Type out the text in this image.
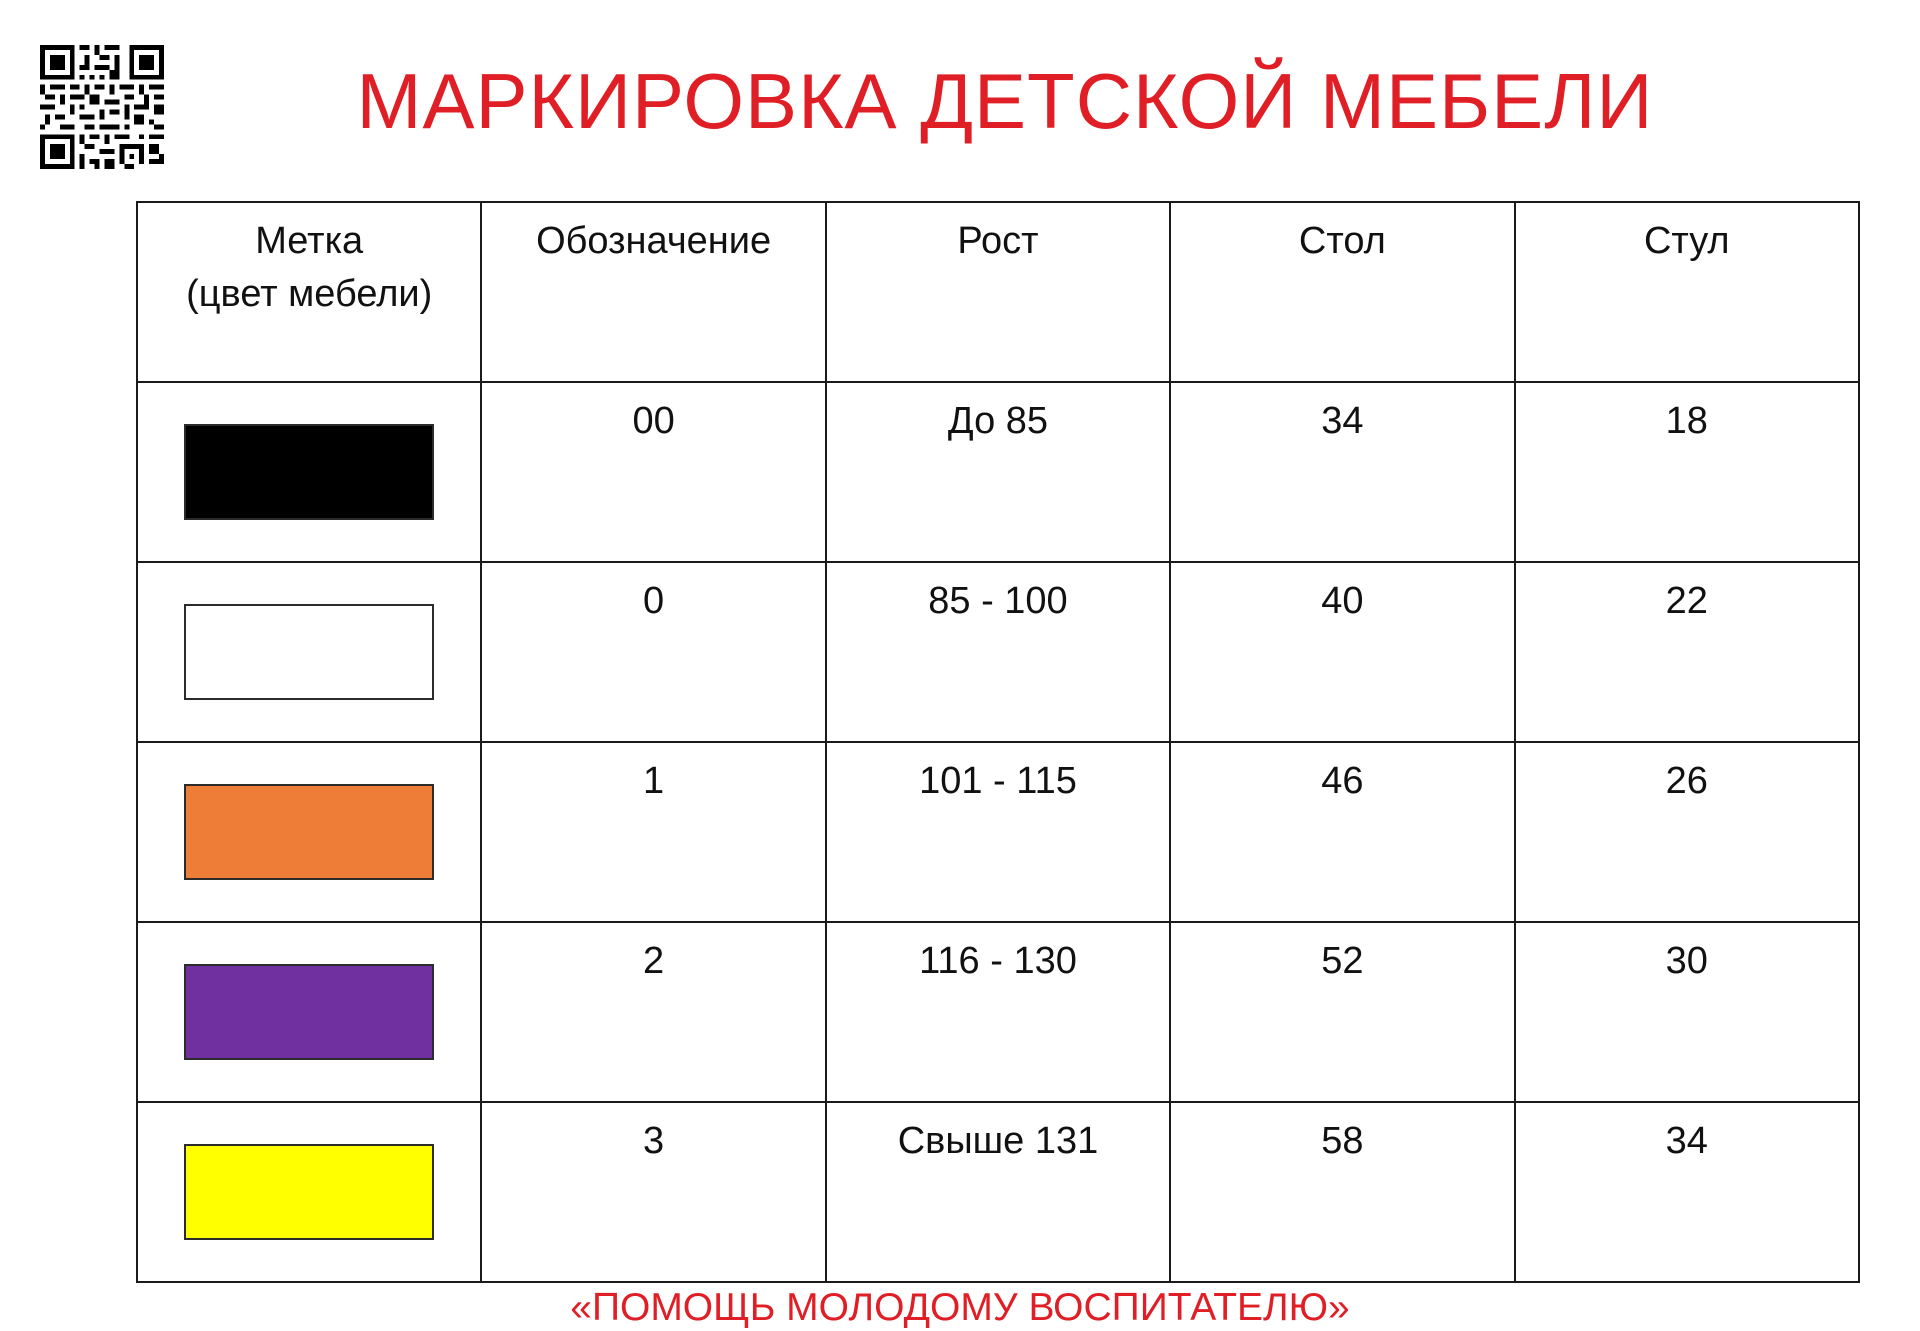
МАРКИРОВКА ДЕТСКОЙ МЕБЕЛИ
Метка
(цвет мебели)	Обозначение	Рост	Стол	Стул

	00	До 85	34	18

	0	85 - 100	40	22

	1	101 - 115	46	26

	2	116 - 130	52	30

	3	Свыше 131	58	34
«ПОМОЩЬ МОЛОДОМУ ВОСПИТАТЕЛЮ»
